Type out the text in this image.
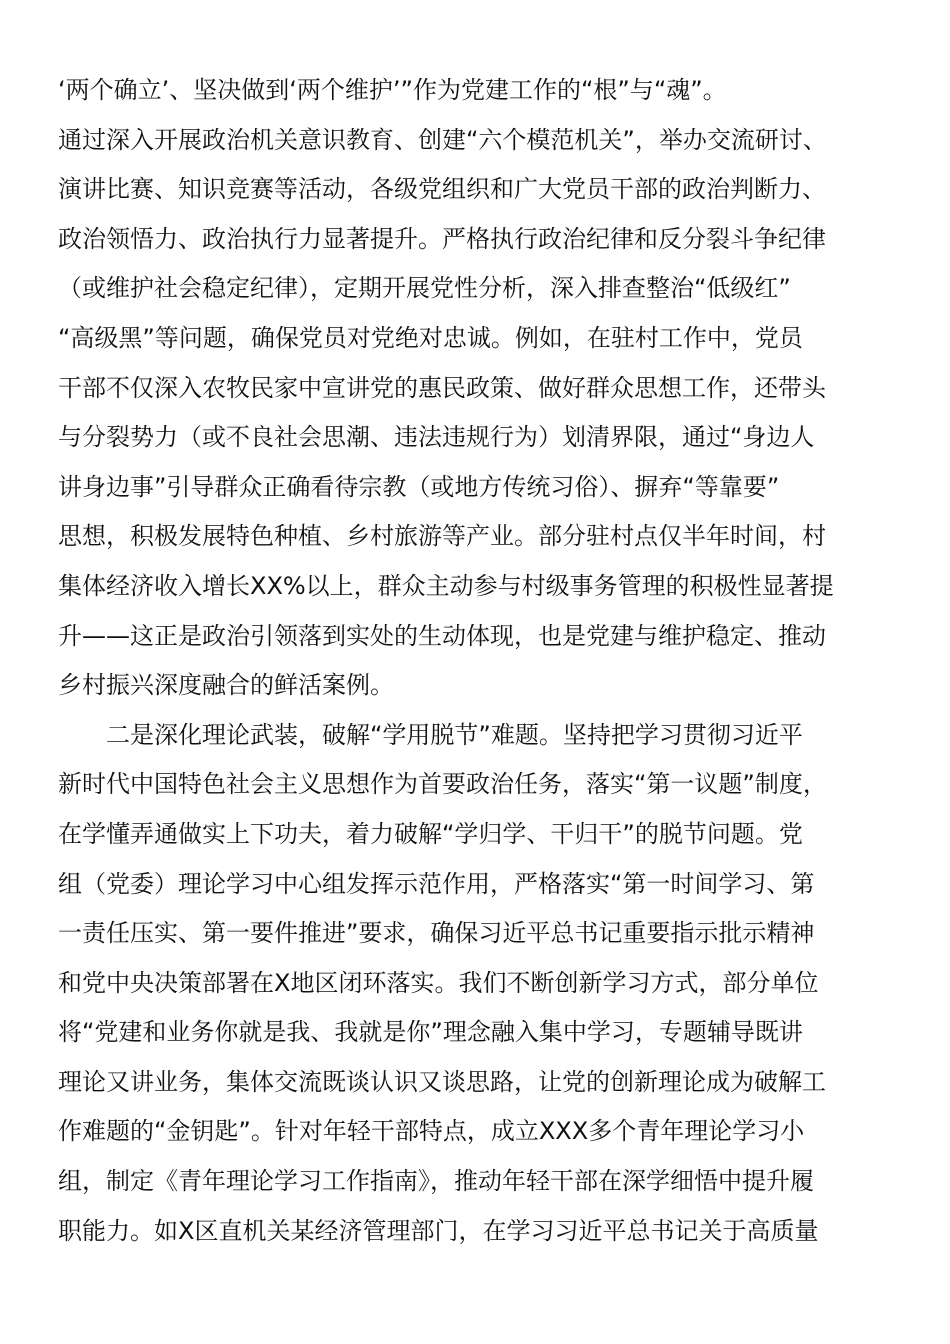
‘两个确立’、坚决做到‘两个维护’”作为党建工作的“根”与“魂”。
通过深入开展政治机关意识教育、创建“六个模范机关”，举办交流研讨、
演讲比赛、知识竞赛等活动，各级党组织和广大党员干部的政治判断力、
政治领悟力、政治执行力显著提升。严格执行政治纪律和反分裂斗争纪律
（或维护社会稳定纪律），定期开展党性分析，深入排查整治“低级红”
“高级黑”等问题，确保党员对党绝对忠诚。例如，在驻村工作中，党员
干部不仅深入农牧民家中宣讲党的惠民政策、做好群众思想工作，还带头
与分裂势力（或不良社会思潮、违法违规行为）划清界限，通过“身边人
讲身边事”引导群众正确看待宗教（或地方传统习俗）、摒弃“等靠要”
思想，积极发展特色种植、乡村旅游等产业。部分驻村点仅半年时间，村
集体经济收入增长XX%以上，群众主动参与村级事务管理的积极性显著提
升——这正是政治引领落到实处的生动体现，也是党建与维护稳定、推动
乡村振兴深度融合的鲜活案例。
二是深化理论武装，破解“学用脱节”难题。坚持把学习贯彻习近平
新时代中国特色社会主义思想作为首要政治任务，落实“第一议题”制度，
在学懂弄通做实上下功夫，着力破解“学归学、干归干”的脱节问题。党
组（党委）理论学习中心组发挥示范作用，严格落实“第一时间学习、第
一责任压实、第一要件推进”要求，确保习近平总书记重要指示批示精神
和党中央决策部署在X地区闭环落实。我们不断创新学习方式，部分单位
将“党建和业务你就是我、我就是你”理念融入集中学习，专题辅导既讲
理论又讲业务，集体交流既谈认识又谈思路，让党的创新理论成为破解工
作难题的“金钥匙”。针对年轻干部特点，成立XXX多个青年理论学习小
组，制定《青年理论学习工作指南》，推动年轻干部在深学细悟中提升履
职能力。如X区直机关某经济管理部门，在学习习近平总书记关于高质量
